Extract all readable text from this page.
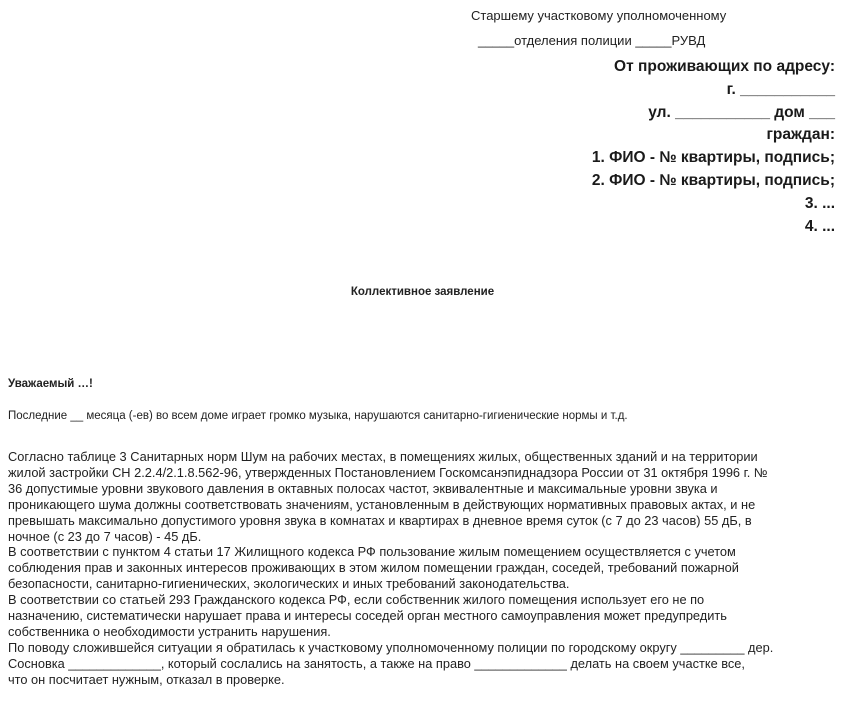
Старшему участковому уполномоченному
_____отделения полиции _____РУВД
От проживающих по адресу:
г. ___________
ул. ___________ дом ___
граждан:
1. ФИО - № квартиры, подпись;
2. ФИО - № квартиры, подпись;
3. ...
4. ...
Коллективное заявление
Уважаемый …!
Последние __ месяца (-ев) во всем доме играет громко музыка, нарушаются санитарно-гигиенические нормы и т.д.
Согласно таблице 3 Санитарных норм Шум на рабочих местах, в помещениях жилых, общественных зданий и на территории
жилой застройки СН 2.2.4/2.1.8.562-96, утвержденных Постановлением Госкомсанэпиднадзора России от 31 октября 1996 г. №
36 допустимые уровни звукового давления в октавных полосах частот, эквивалентные и максимальные уровни звука и
проникающего шума должны соответствовать значениям, установленным в действующих нормативных правовых актах, и не
превышать максимально допустимого уровня звука в комнатах и квартирах в дневное время суток (с 7 до 23 часов) 55 дБ, в
ночное (с 23 до 7 часов) - 45 дБ.
В соответствии с пунктом 4 статьи 17 Жилищного кодекса РФ пользование жилым помещением осуществляется с учетом
соблюдения прав и законных интересов проживающих в этом жилом помещении граждан, соседей, требований пожарной
безопасности, санитарно-гигиенических, экологических и иных требований законодательства.
В соответствии со статьей 293 Гражданского кодекса РФ, если собственник жилого помещения использует его не по
назначению, систематически нарушает права и интересы соседей орган местного самоуправления может предупредить
собственника о необходимости устранить нарушения.
По поводу сложившейся ситуации я обратилась к участковому уполномоченному полиции по городскому округу _________ дер.
Сосновка _____________, который сослались на занятость, а также на право _____________ делать на своем участке все,
что он посчитает нужным, отказал в проверке.
